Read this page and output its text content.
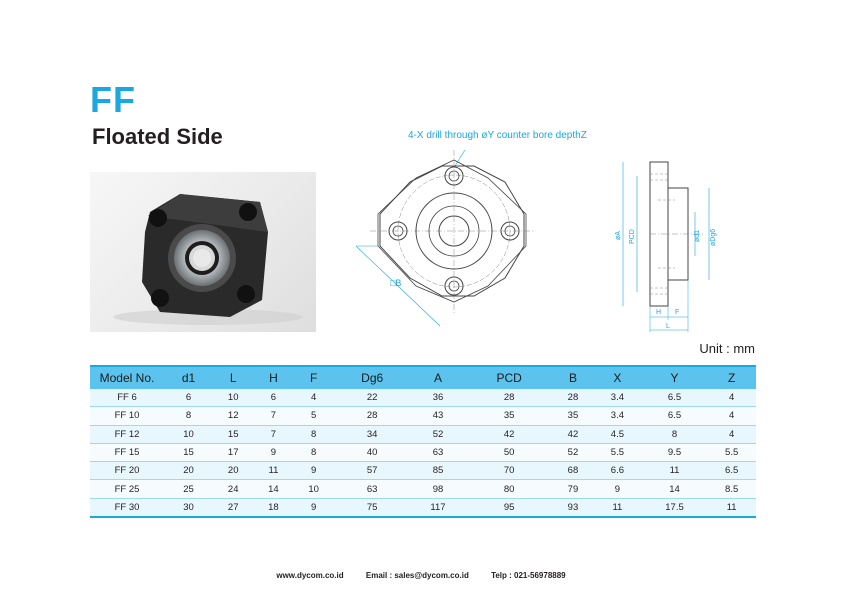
FF
Floated Side	4-X drill through øY counter bore depthZ
□B
øA PCD	ød1 øDg6
H F
L
Unit : mm
Model No.	d1	L	H	F	Dg6	A	PCD	B	X	Y	Z
FF 6	6	10	6	4	22	36	28	28	3.4	6.5	4
FF 10	8	12	7	5	28	43	35	35	3.4	6.5	4
FF 12	10	15	7	8	34	52	42	42	4.5	8	4
FF 15	15	17	9	8	40	63	50	52	5.5	9.5	5.5
FF 20	20	20	11	9	57	85	70	68	6.6	11	6.5
FF 25	25	24	14	10	63	98	80	79	9	14	8.5
FF 30	30	27	18	9	75	117	95	93	11	17.5	11
www.dycom.co.id	Email : sales@dycom.co.id	Telp : 021-56978889
